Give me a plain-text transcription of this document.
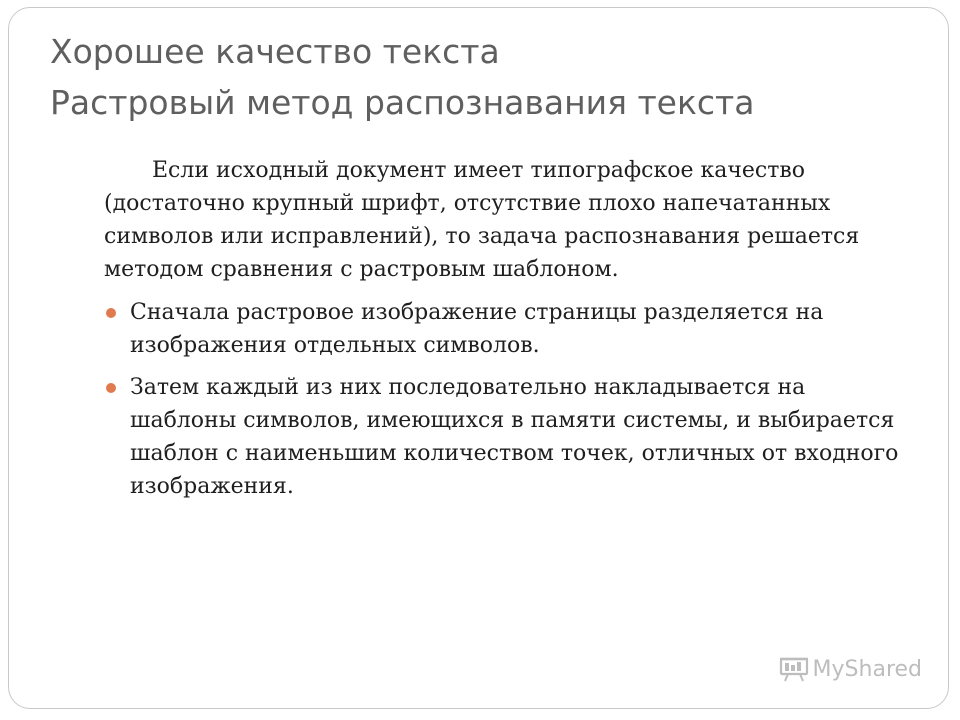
Хорошее качество текста
Растровый метод распознавания текста

Если исходный документ имеет типографское качество (достаточно крупный шрифт, отсутствие плохо напечатанных символов или исправлений), то задача распознавания решается методом сравнения с растровым шаблоном.

Сначала растровое изображение страницы разделяется на изображения отдельных символов.
Затем каждый из них последовательно накладывается на шаблоны символов, имеющихся в памяти системы, и выбирается шаблон с наименьшим количеством точек, отличных от входного изображения.
MyShared
